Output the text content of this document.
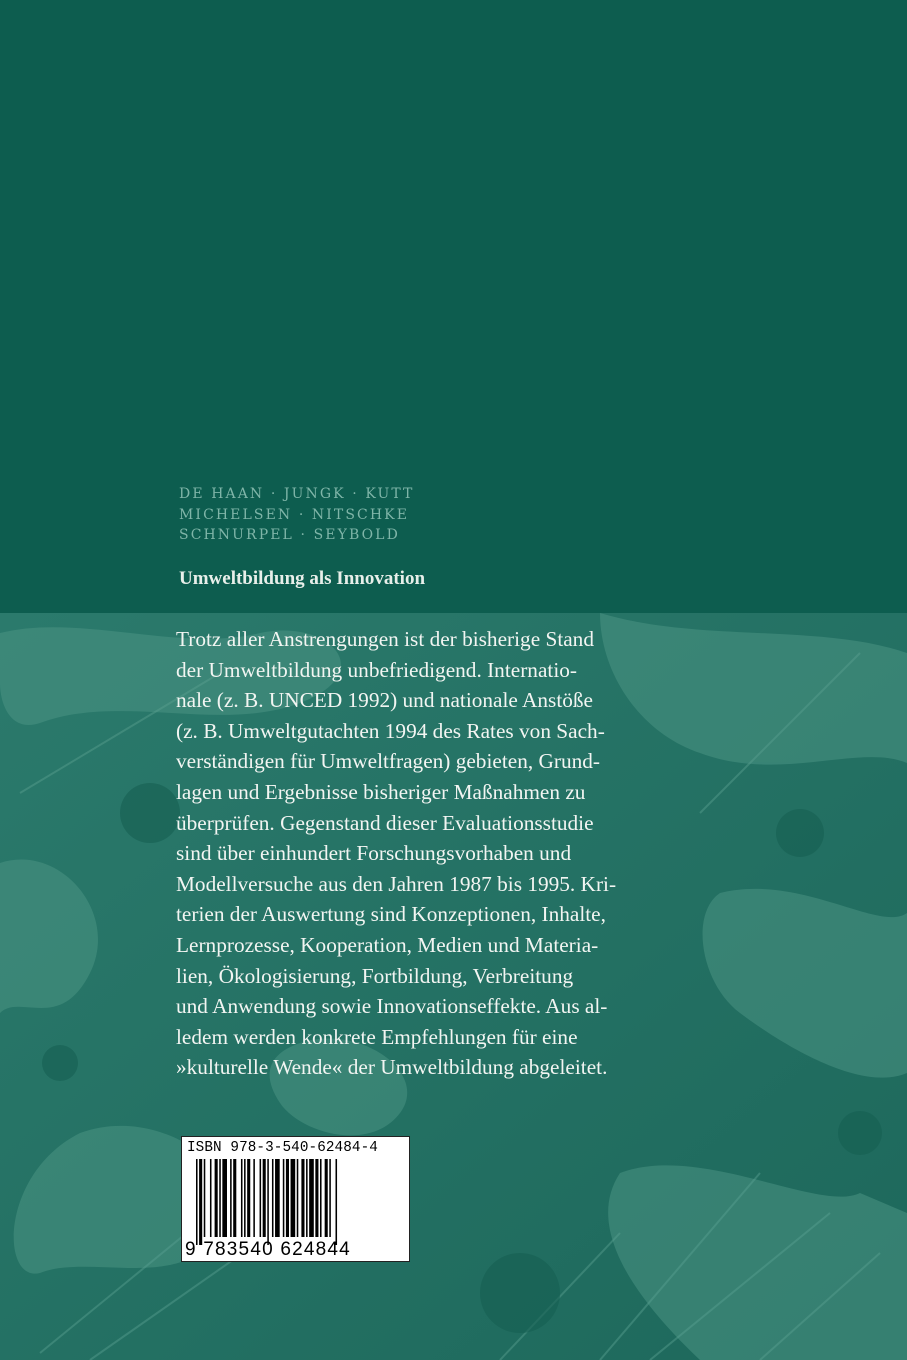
DE HAAN · JUNGK · KUTT
MICHELSEN · NITSCHKE
SCHNURPEL · SEYBOLD
Umweltbildung als Innovation
Trotz aller Anstrengungen ist der bisherige Stand
der Umweltbildung unbefriedigend. Internatio-
nale (z. B. UNCED 1992) und nationale Anstöße
(z. B. Umweltgutachten 1994 des Rates von Sach-
verständigen für Umweltfragen) gebieten, Grund-
lagen und Ergebnisse bisheriger Maßnahmen zu
überprüfen. Gegenstand dieser Evaluationsstudie
sind über einhundert Forschungsvorhaben und
Modellversuche aus den Jahren 1987 bis 1995. Kri-
terien der Auswertung sind Konzeptionen, Inhalte,
Lernprozesse, Kooperation, Medien und Materia-
lien, Ökologisierung, Fortbildung, Verbreitung
und Anwendung sowie Innovationseffekte. Aus al-
ledem werden konkrete Empfehlungen für eine
»kulturelle Wende« der Umweltbildung abgeleitet.
ISBN 978-3-540-62484-4
9 783540 624844
